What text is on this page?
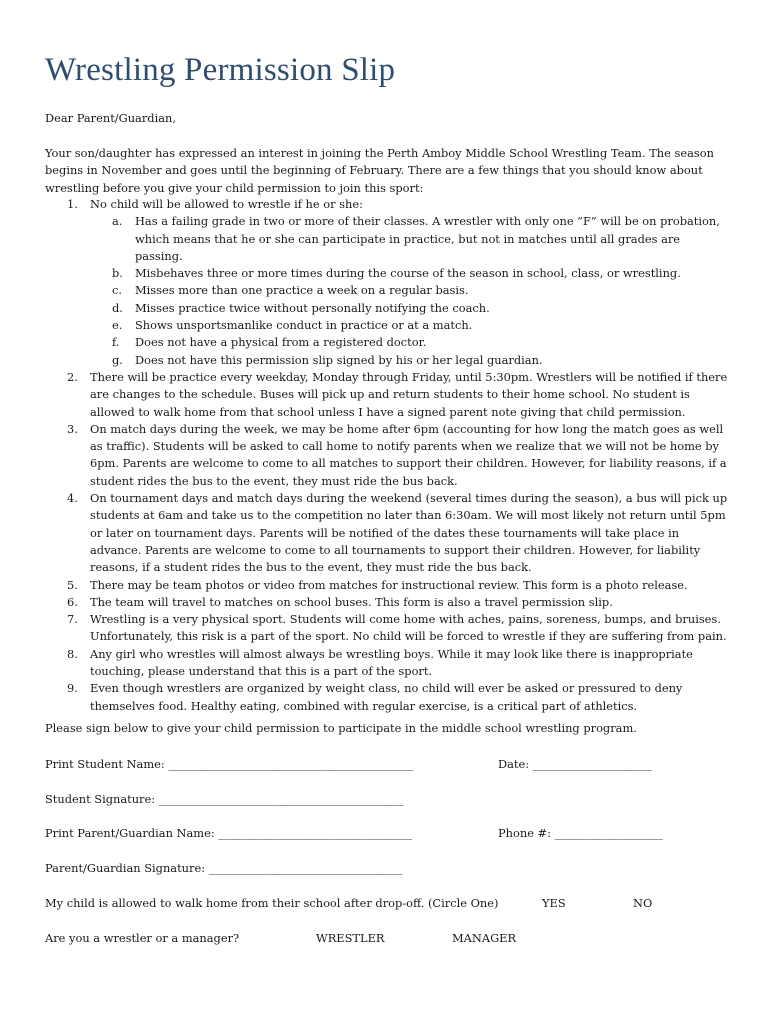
Wrestling Permission Slip
Dear Parent/Guardian,
Your son/daughter has expressed an interest in joining the Perth Amboy Middle School Wrestling Team. The season begins in November and goes until the beginning of February. There are a few things that you should know about wrestling before you give your child permission to join this sport:
1. No child will be allowed to wrestle if he or she:
a. Has a failing grade in two or more of their classes. A wrestler with only one “F” will be on probation, which means that he or she can participate in practice, but not in matches until all grades are passing.
b. Misbehaves three or more times during the course of the season in school, class, or wrestling.
c. Misses more than one practice a week on a regular basis.
d. Misses practice twice without personally notifying the coach.
e. Shows unsportsmanlike conduct in practice or at a match.
f. Does not have a physical from a registered doctor.
g. Does not have this permission slip signed by his or her legal guardian.
2. There will be practice every weekday, Monday through Friday, until 5:30pm. Wrestlers will be notified if there are changes to the schedule. Buses will pick up and return students to their home school. No student is allowed to walk home from that school unless I have a signed parent note giving that child permission.
3. On match days during the week, we may be home after 6pm (accounting for how long the match goes as well as traffic). Students will be asked to call home to notify parents when we realize that we will not be home by 6pm. Parents are welcome to come to all matches to support their children. However, for liability reasons, if a student rides the bus to the event, they must ride the bus back.
4. On tournament days and match days during the weekend (several times during the season), a bus will pick up students at 6am and take us to the competition no later than 6:30am. We will most likely not return until 5pm or later on tournament days. Parents will be notified of the dates these tournaments will take place in advance. Parents are welcome to come to all tournaments to support their children. However, for liability reasons, if a student rides the bus to the event, they must ride the bus back.
5. There may be team photos or video from matches for instructional review. This form is a photo release.
6. The team will travel to matches on school buses. This form is also a travel permission slip.
7. Wrestling is a very physical sport. Students will come home with aches, pains, soreness, bumps, and bruises. Unfortunately, this risk is a part of the sport. No child will be forced to wrestle if they are suffering from pain.
8. Any girl who wrestles will almost always be wrestling boys. While it may look like there is inappropriate touching, please understand that this is a part of the sport.
9. Even though wrestlers are organized by weight class, no child will ever be asked or pressured to deny themselves food. Healthy eating, combined with regular exercise, is a critical part of athletics.
Please sign below to give your child permission to participate in the middle school wrestling program.
Print Student Name: ___________________________________________	Date: _____________________
Student Signature: ___________________________________________
Print Parent/Guardian Name: __________________________________	Phone #: ___________________
Parent/Guardian Signature: __________________________________
My child is allowed to walk home from their school after drop-off. (Circle One)	YES	NO
Are you a wrestler or a manager?	WRESTLER	MANAGER
